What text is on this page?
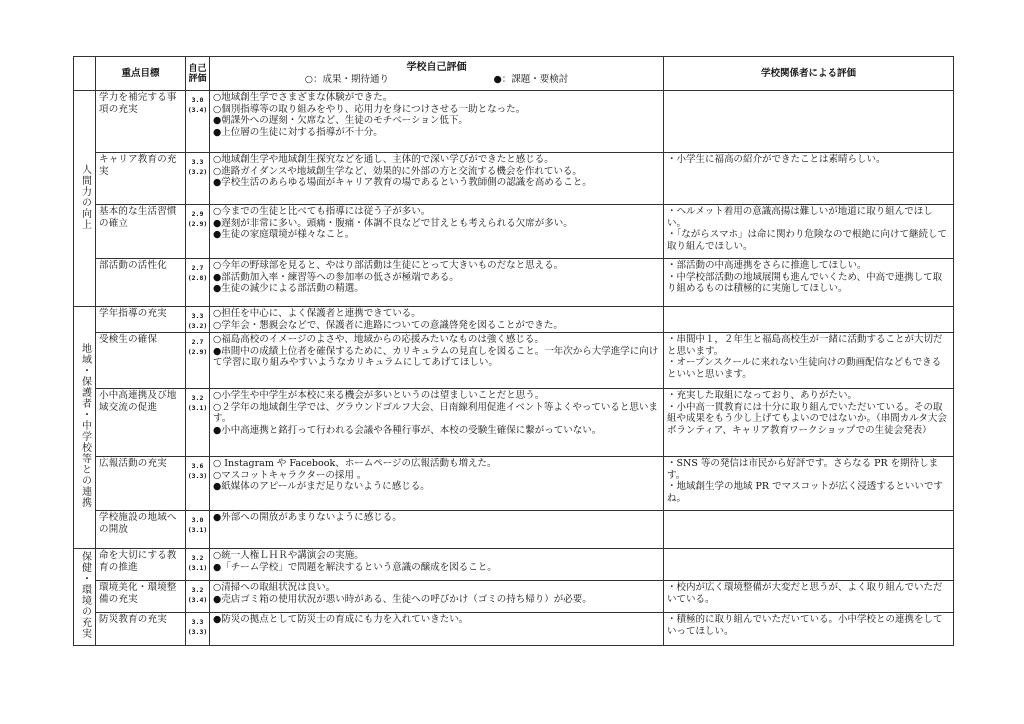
	重点目標	自己評価	学校自己評価
○：成果・期待通り　　　　　　　　　　　●：課題・要検討	学校関係者による評価
人間力の向上	学力を補完する事項の充実	3.0
(3.4)	○地域創生学でさまざまな体験ができた。
○個別指導等の取り組みをやり、応用力を身につけさせる一助となった。
●朝課外への遅刻・欠席など、生徒のモチベーション低下。
●上位層の生徒に対する指導が不十分。	

	キャリア教育の充実	3.3
(3.2)	○地域創生学や地域創生探究などを通し、主体的で深い学びができたと感じる。
○進路ガイダンスや地域創生学など、効果的に外部の方と交流する機会を作れている。
●学校生活のあらゆる場面がキャリア教育の場であるという教師側の認識を高めること。	・小学生に福高の紹介ができたことは素晴らしい。

	基本的な生活習慣の確立	2.9
(2.9)	○今までの生徒と比べても指導には従う子が多い。
●遅刻が非常に多い。頭痛・腹痛・体調不良などで甘えとも考えられる欠席が多い。
●生徒の家庭環境が様々なこと。	・ヘルメット着用の意識高揚は難しいが地道に取り組んでほしい。
・「ながらスマホ」は命に関わり危険なので根絶に向けて継続して取り組んでほしい。

	部活動の活性化	2.7
(2.8)	○今年の野球部を見ると、やはり部活動は生徒にとって大きいものだなと思える。
●部活動加入率・練習等への参加率の低さが極端である。
●生徒の減少による部活動の精選。	・部活動の中高連携をさらに推進してほしい。
・中学校部活動の地域展開も進んでいくため、中高で連携して取り組めるものは積極的に実施してほしい。

地域・保護者・中学校等との連携	学年指導の充実	3.3
(3.2)	○担任を中心に、よく保護者と連携できている。
○学年会・懇親会などで、保護者に進路についての意識啓発を図ることができた。	

	受検生の確保	2.7
(2.9)	○福島高校のイメージのよさや、地域からの応援みたいなものは強く感じる。
●串間中の成績上位者を確保するために、カリキュラムの見直しを図ること。一年次から大学進学に向けて学習に取り組みやすいようなカリキュラムにしてあげてほしい。	・串間中１，２年生と福島高校生が一緒に活動することが大切だと思います。
・オープンスクールに来れない生徒向けの動画配信などもできるといいと思います。

	小中高連携及び地域交流の促進	3.2
(3.1)	○小学生や中学生が本校に来る機会が多いというのは望ましいことだと思う。
○２学年の地域創生学では、グラウンドゴルフ大会、日南線利用促進イベント等よくやっていると思います。
●小中高連携と銘打って行われる会議や各種行事が、本校の受験生確保に繋がっていない。	・充実した取組になっており、ありがたい。
・小中高一貫教育には十分に取り組んでいただいている。その取組や成果をもう少し上げてもよいのではないか。（串間カルタ大会ボランティア、キャリア教育ワークショップでの生徒会発表）

	広報活動の充実	3.6
(3.3)	○ Instagram や Facebook、ホームページの広報活動も増えた。
○マスコットキャラクターの採用 。
●紙媒体のアピールがまだ足りないように感じる。	・SNS 等の発信は市民から好評です。さらなる PR を期待します。
・地域創生学の地域 PR でマスコットが広く浸透するといいですね。

	学校施設の地域への開放	3.0
(3.1)	●外部への開放があまりないように感じる。	

保健・環境の充実	命を大切にする教育の推進	3.2
(3.1)	○統一人権ＬＨＲや講演会の実施。
●「チーム学校」で問題を解決するという意識の醸成を図ること。	

	環境美化・環境整備の充実	3.2
(3.4)	○清掃への取組状況は良い。
●売店ゴミ箱の使用状況が悪い時がある、生徒への呼びかけ（ゴミの持ち帰り）が必要。	・校内が広く環境整備が大変だと思うが、よく取り組んでいただいている。

	防災教育の充実	3.3
(3.3)	●防災の拠点として防災士の育成にも力を入れていきたい。	・積極的に取り組んでいただいている。小中学校との連携をしていってほしい。
